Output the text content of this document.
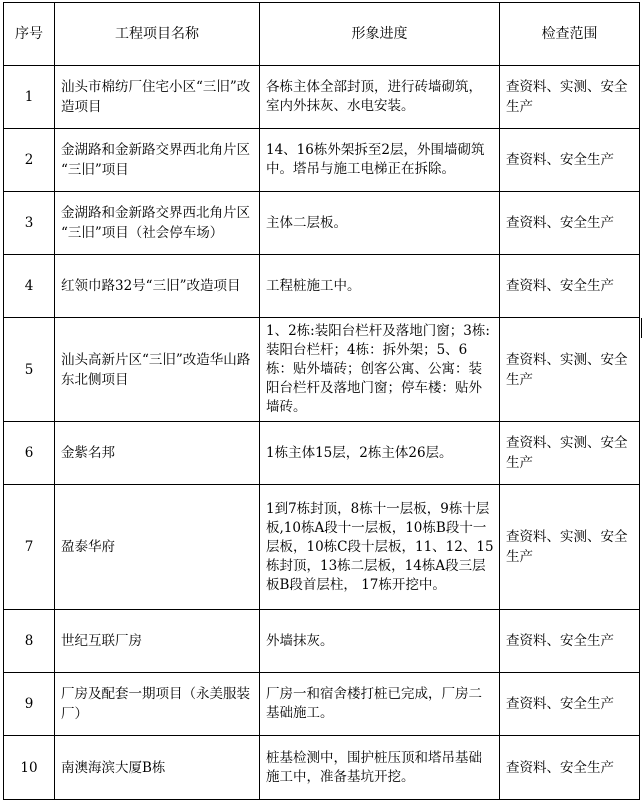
序号	工程项目名称	形象进度	检查范围
1	汕头市棉纺厂住宅小区“三旧”改造项目	各栋主体全部封顶，进行砖墙砌筑，室内外抹灰、水电安装。	查资料、实测、安全生产
2	金湖路和金新路交界西北角片区 “三旧”项目	14、16栋外架拆至2层，外围墙砌筑中。塔吊与施工电梯正在拆除。	查资料、安全生产
3	金湖路和金新路交界西北角片区 “三旧”项目（社会停车场）	主体二层板。	查资料、安全生产
4	红领巾路32号“三旧”改造项目	工程桩施工中。	查资料、安全生产
5	汕头高新片区“三旧”改造华山路东北侧项目	1、2栋:装阳台栏杆及落地门窗；3栋:装阳台栏杆；4栋：拆外架；5、6栋：贴外墙砖；创客公寓、公寓：装阳台栏杆及落地门窗；停车楼：贴外墙砖。	查资料、实测、安全生产
6	金紫名邦	1栋主体15层，2栋主体26层。	查资料、实测、安全生产
7	盈泰华府	1到7栋封顶，8栋十一层板，9栋十层板,10栋A段十一层板，10栋B段十一层板，10栋C段十层板，11、12、15栋封顶，13栋二层板，14栋A段三层板B段首层柱， 17栋开挖中。	查资料、实测、安全生产
8	世纪互联厂房	外墙抹灰。	查资料、安全生产
9	厂房及配套一期项目（永美服装厂）	厂房一和宿舍楼打桩已完成，厂房二基础施工。	查资料、安全生产
10	南澳海滨大厦B栋	桩基检测中，围护桩压顶和塔吊基础施工中，准备基坑开挖。	查资料、安全生产
